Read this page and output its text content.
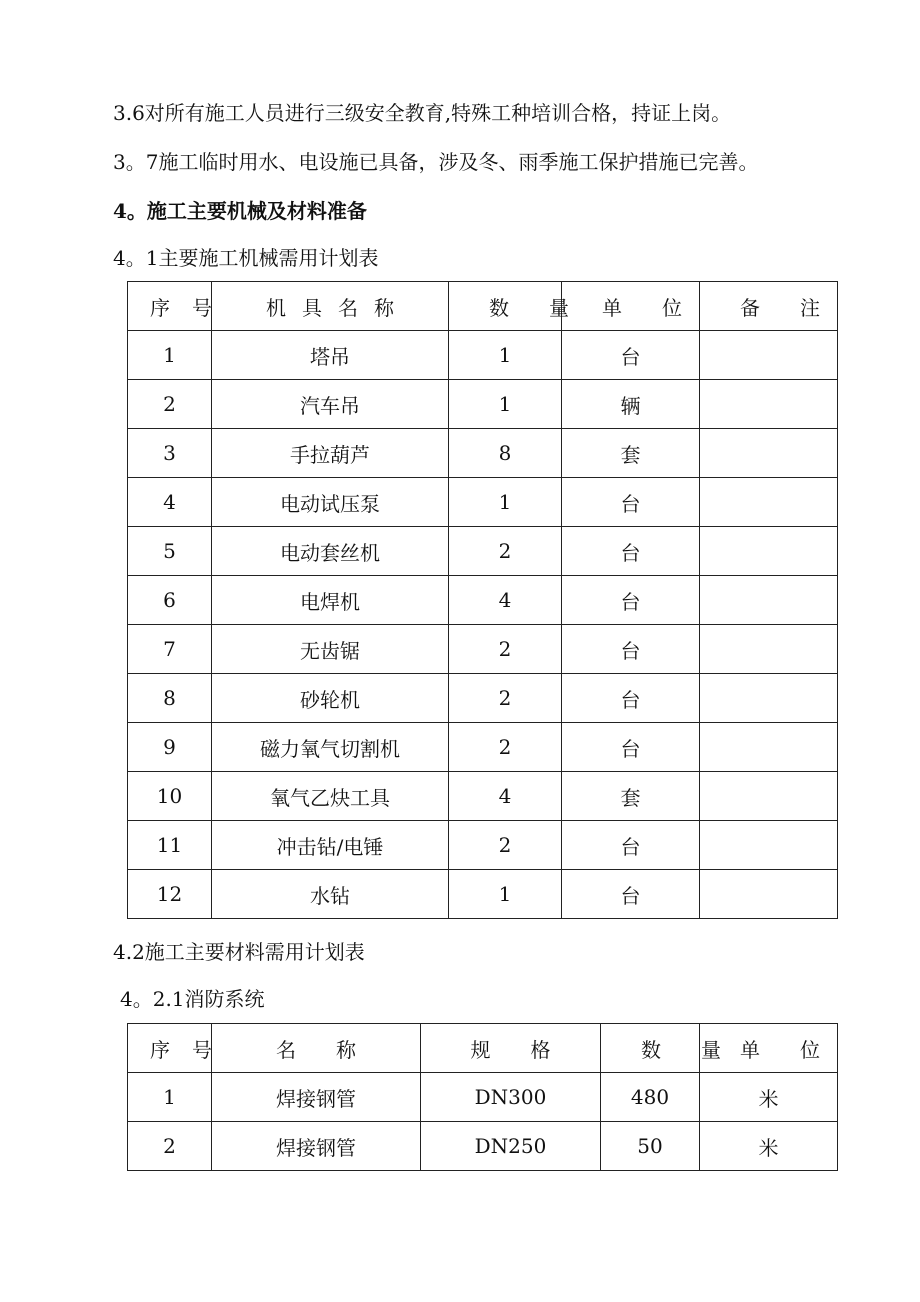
3.6对所有施工人员进行三级安全教育,特殊工种培训合格，持证上岗。
3。7施工临时用水、电设施已具备，涉及冬、雨季施工保护措施已完善。
4。施工主要机械及材料准备
4。1主要施工机械需用计划表
序号	机具名称	数量	单位	备注
1	塔吊	1	台	
2	汽车吊	1	辆	
3	手拉葫芦	8	套	
4	电动试压泵	1	台	
5	电动套丝机	2	台	
6	电焊机	4	台	
7	无齿锯	2	台	
8	砂轮机	2	台	
9	磁力氧气切割机	2	台	
10	氧气乙炔工具	4	套	
11	冲击钻/电锤	2	台	
12	水钻	1	台	
4.2施工主要材料需用计划表
4。2.1消防系统
序号	名称	规格	数量	单位
1	焊接钢管	DN300	480	米
2	焊接钢管	DN250	50	米
